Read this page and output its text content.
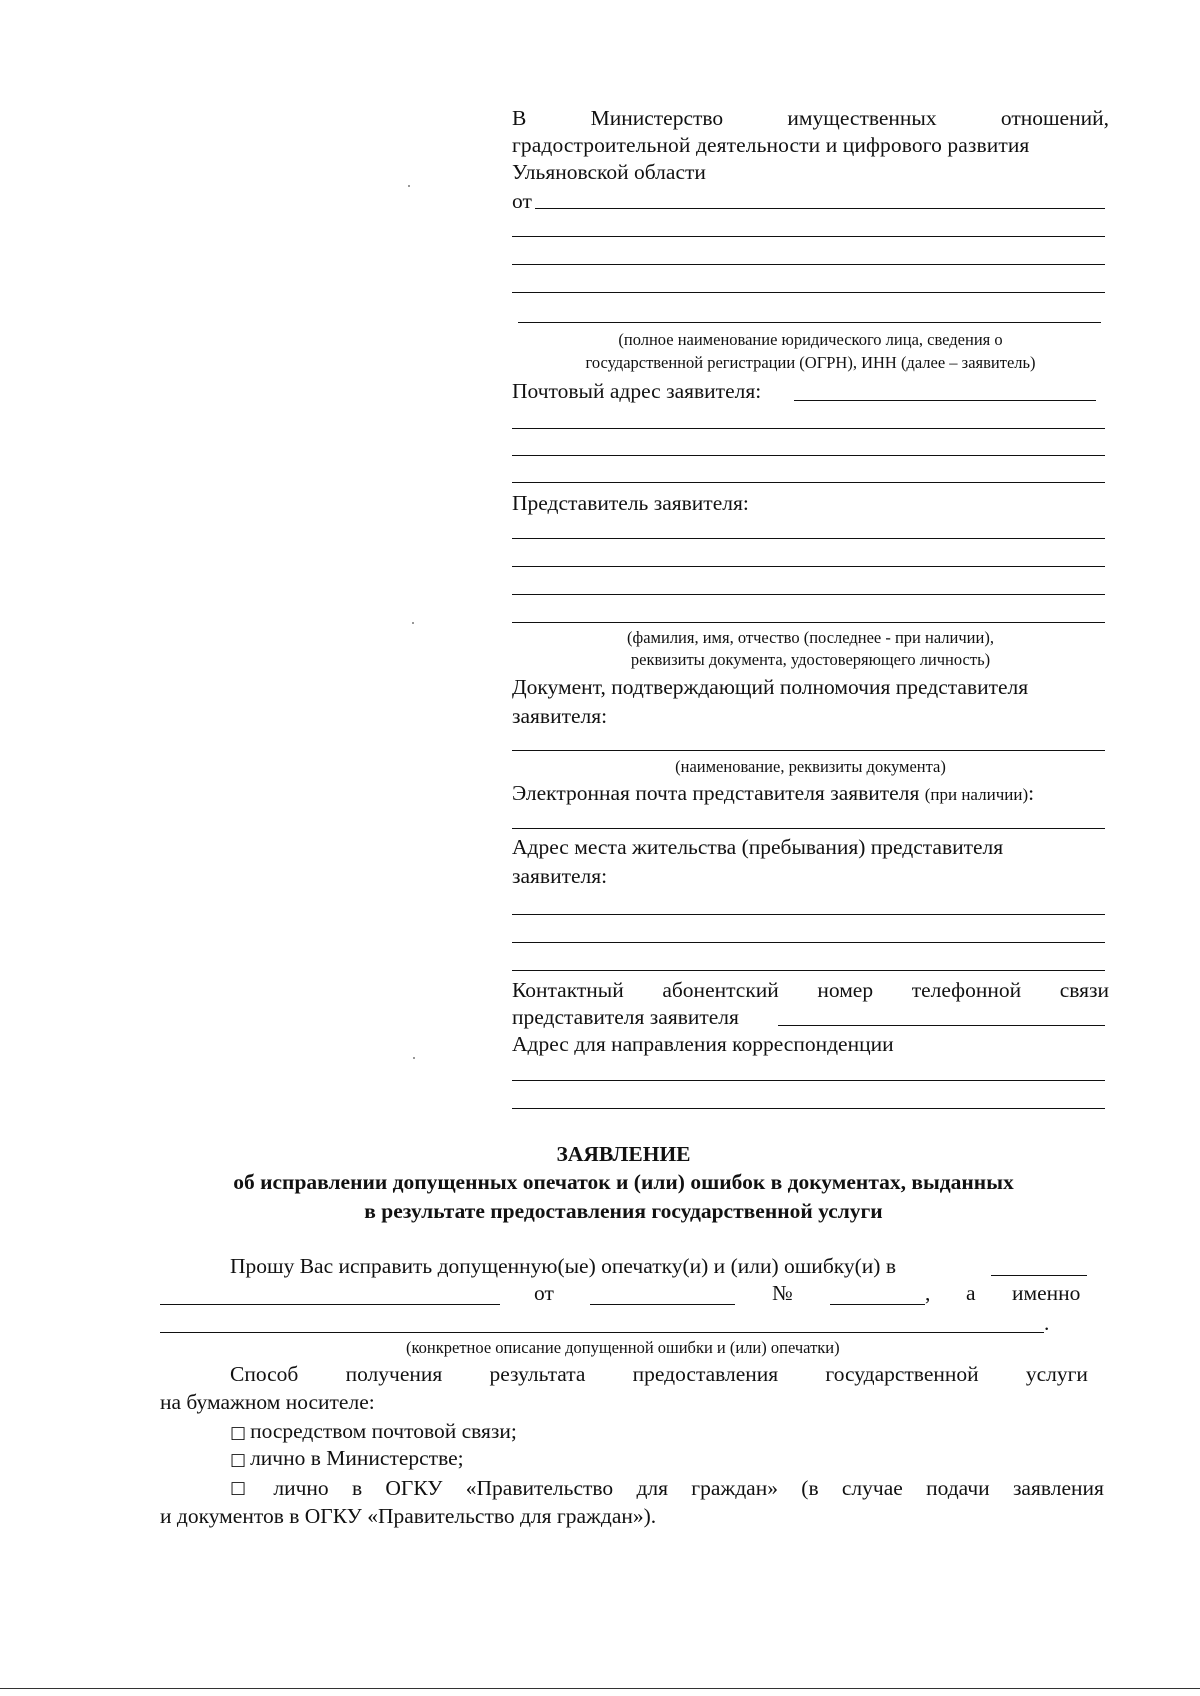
В	Министерство	имущественных	отношений,
градостроительной деятельности и цифрового развития
Ульяновской области
от
(полное наименование юридического лица, сведения о
государственной регистрации (ОГРН), ИНН (далее – заявитель)
Почтовый адрес заявителя:
Представитель заявителя:
(фамилия, имя, отчество (последнее - при наличии),
реквизиты документа, удостоверяющего личность)
Документ, подтверждающий полномочия представителя
заявителя:
(наименование, реквизиты документа)
Электронная почта представителя заявителя (при наличии):
Адрес места жительства (пребывания) представителя
заявителя:
Контактный абонентский номер телефонной связи
представителя заявителя
Адрес для направления корреспонденции
ЗАЯВЛЕНИЕ
об исправлении допущенных опечаток и (или) ошибок в документах, выданных
в результате предоставления государственной услуги
Прошу Вас исправить допущенную(ые) опечатку(и) и (или) ошибку(и) в
от	№	, а именно
.
(конкретное описание допущенной ошибки и (или) опечатки)
Способ получения результата предоставления государственной услуги
на бумажном носителе:
□ посредством почтовой связи;
□ лично в Министерстве;
□ лично в ОГКУ «Правительство для граждан» (в случае подачи заявления
и документов в ОГКУ «Правительство для граждан»).
